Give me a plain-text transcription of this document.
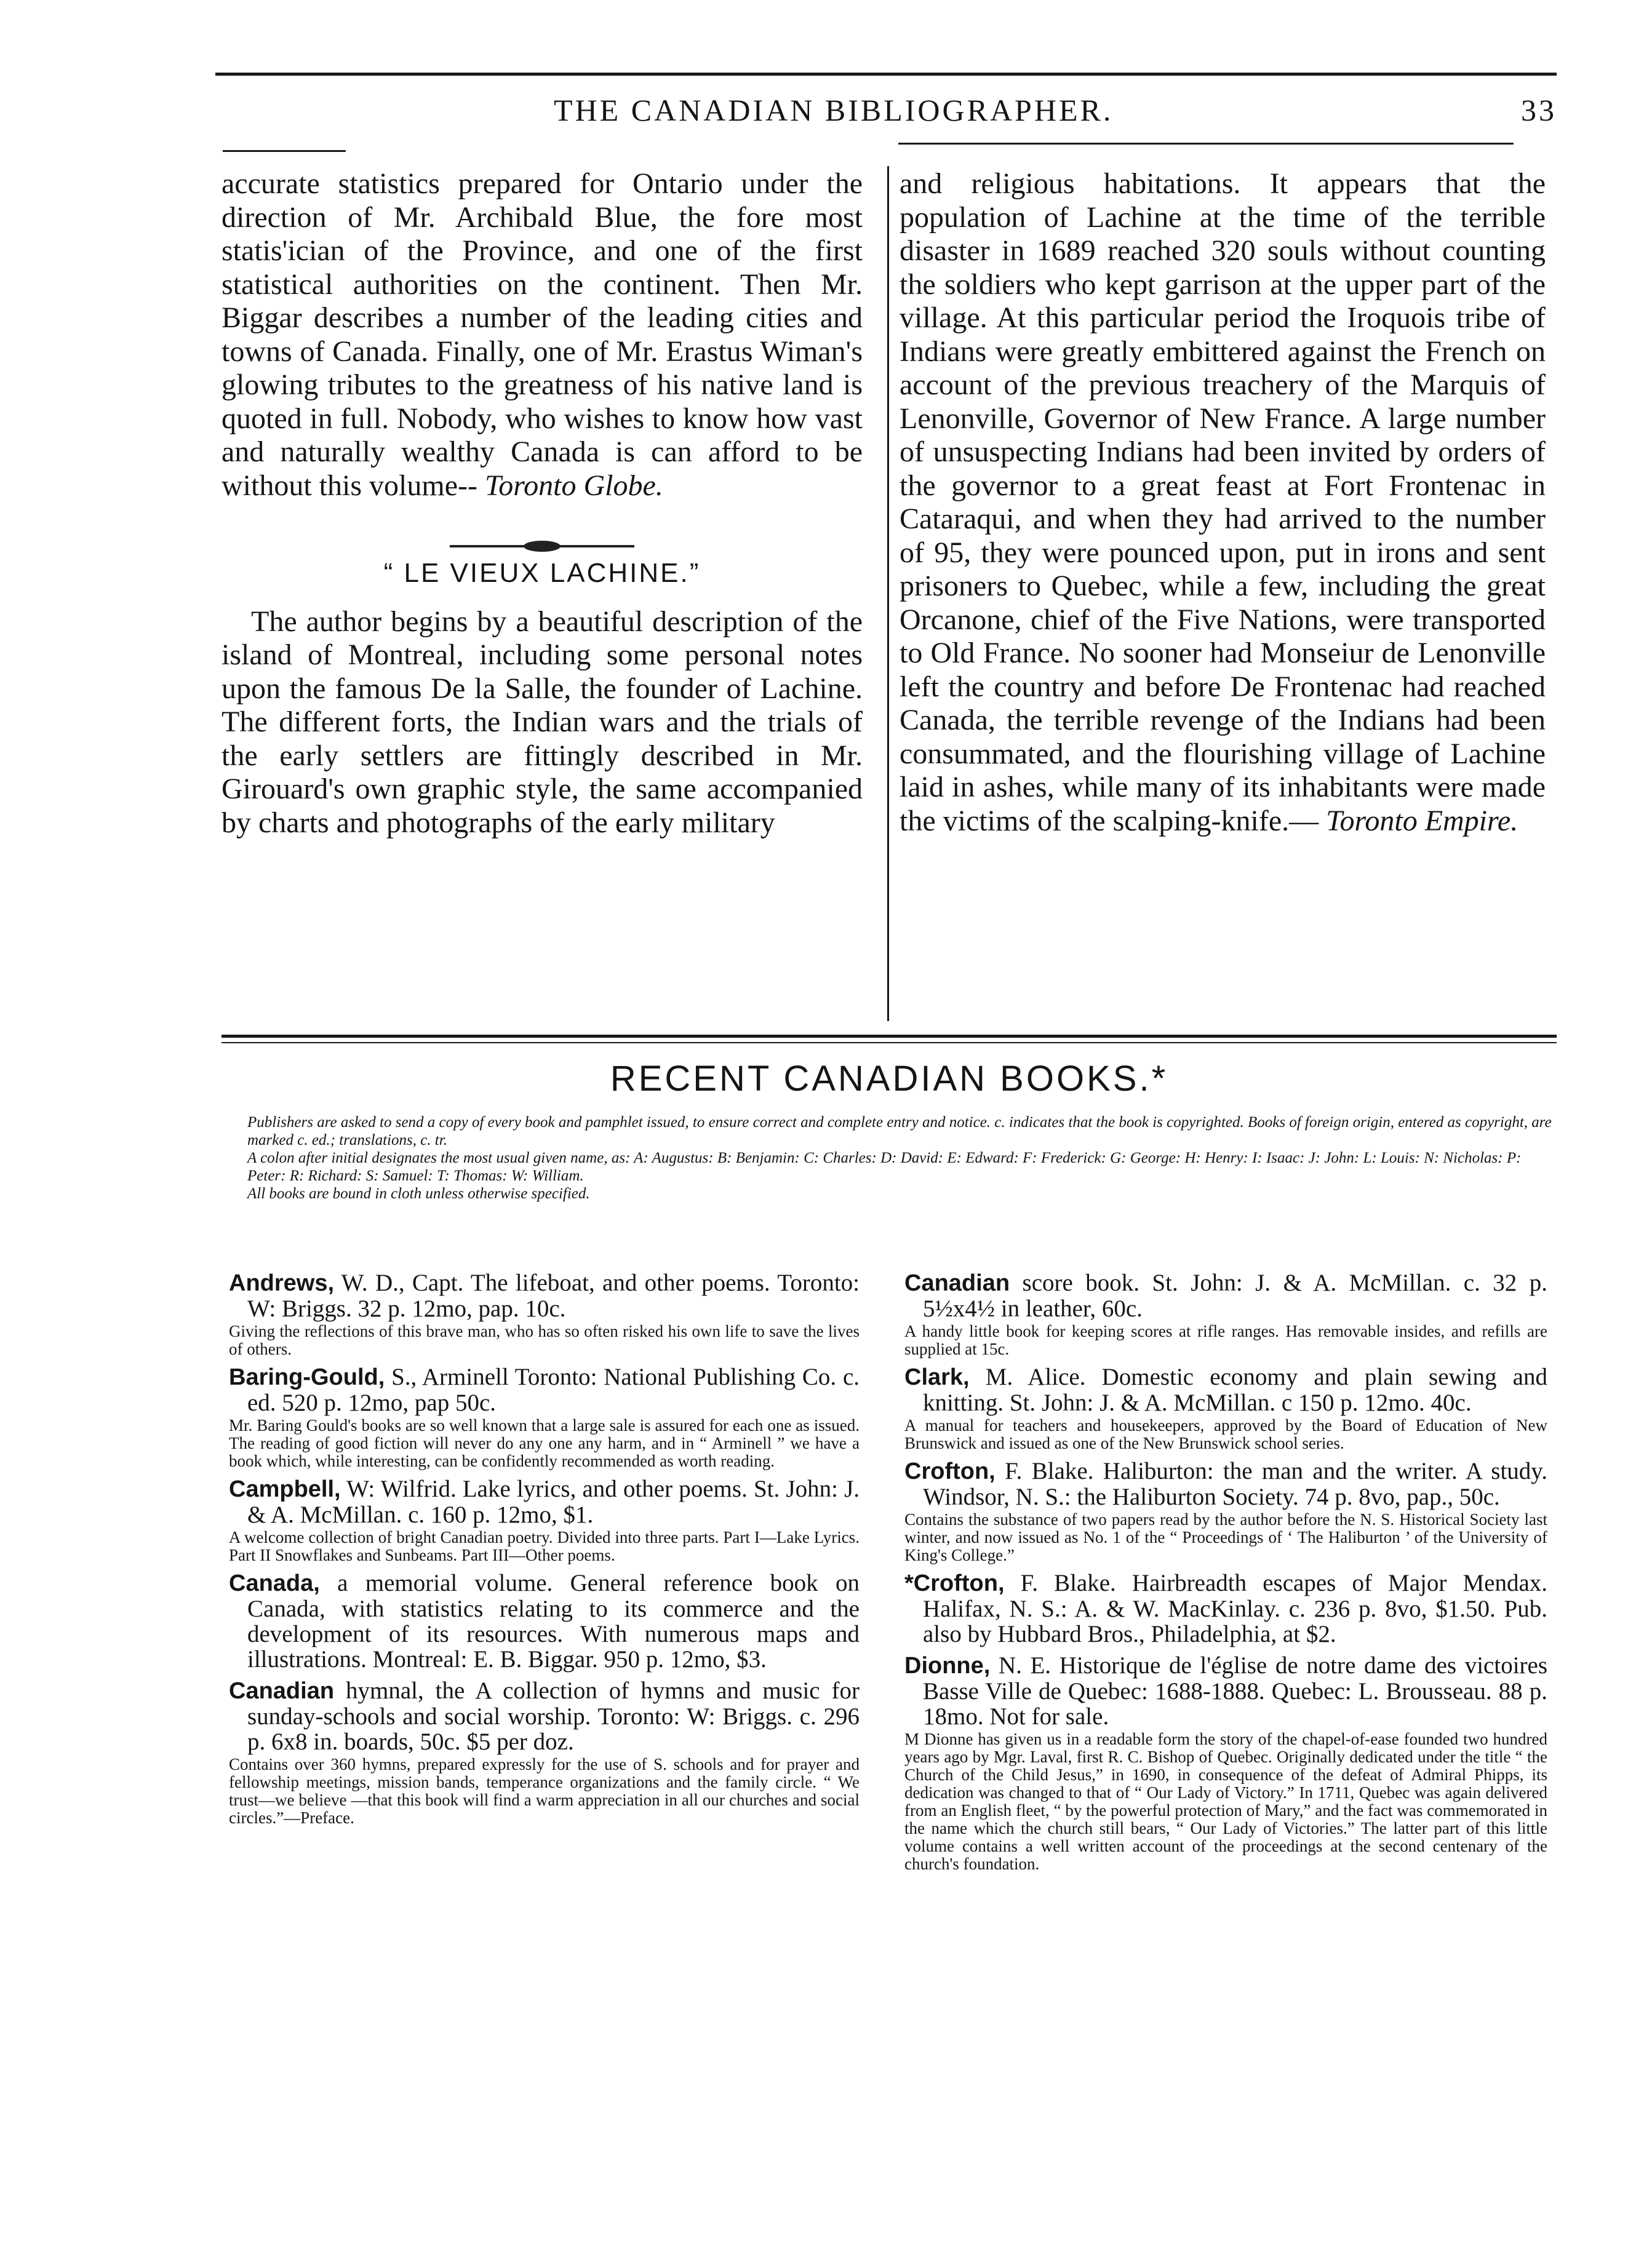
THE CANADIAN BIBLIOGRAPHER.	33

accurate statistics prepared for Ontario under the direction of Mr. Archibald Blue, the fore most statis'ician of the Province, and one of the first statistical authorities on the continent. Then Mr. Biggar describes a number of the leading cities and towns of Canada. Finally, one of Mr. Erastus Wiman's glowing tributes to the greatness of his native land is quoted in full. Nobody, who wishes to know how vast and naturally wealthy Canada is can afford to be without this volume-- Toronto Globe.

“ LE VIEUX LACHINE.”

The author begins by a beautiful description of the island of Montreal, including some personal notes upon the famous De la Salle, the founder of Lachine. The different forts, the Indian wars and the trials of the early settlers are fittingly described in Mr. Girouard's own graphic style, the same accompanied by charts and photographs of the early military

and religious habitations. It appears that the population of Lachine at the time of the terrible disaster in 1689 reached 320 souls without counting the soldiers who kept garrison at the upper part of the village. At this particular period the Iroquois tribe of Indians were greatly embittered against the French on account of the previous treachery of the Marquis of Lenonville, Governor of New France. A large number of unsuspecting Indians had been invited by orders of the governor to a great feast at Fort Frontenac in Cataraqui, and when they had arrived to the number of 95, they were pounced upon, put in irons and sent prisoners to Quebec, while a few, including the great Orcanone, chief of the Five Nations, were transported to Old France. No sooner had Monseiur de Lenonville left the country and before De Frontenac had reached Canada, the terrible revenge of the Indians had been consummated, and the flourishing village of Lachine laid in ashes, while many of its inhabitants were made the victims of the scalping-knife.— Toronto Empire.

RECENT CANADIAN BOOKS.*

Publishers are asked to send a copy of every book and pamphlet issued, to ensure correct and complete entry and notice. c. indicates that the book is copyrighted. Books of foreign origin, entered as copyright, are marked c. ed.; translations, c. tr.

A colon after initial designates the most usual given name, as: A: Augustus: B: Benjamin: C: Charles: D: David: E: Edward: F: Frederick: G: George: H: Henry: I: Isaac: J: John: L: Louis: N: Nicholas: P: Peter: R: Richard: S: Samuel: T: Thomas: W: William.

All books are bound in cloth unless otherwise specified.

Andrews, W. D., Capt. The lifeboat, and other poems. Toronto: W: Briggs. 32 p. 12mo, pap. 10c.
Giving the reflections of this brave man, who has so often risked his own life to save the lives of others.
Baring-Gould, S., Arminell Toronto: National Publishing Co. c. ed. 520 p. 12mo, pap 50c.
Mr. Baring Gould's books are so well known that a large sale is assured for each one as issued. The reading of good fiction will never do any one any harm, and in “ Arminell ” we have a book which, while interesting, can be confidently recommended as worth reading.
Campbell, W: Wilfrid. Lake lyrics, and other poems. St. John: J. & A. McMillan. c. 160 p. 12mo, $1.
A welcome collection of bright Canadian poetry. Divided into three parts. Part I—Lake Lyrics. Part II Snowflakes and Sunbeams. Part III—Other poems.
Canada, a memorial volume. General reference book on Canada, with statistics relating to its commerce and the development of its resources. With numerous maps and illustrations. Montreal: E. B. Biggar. 950 p. 12mo, $3.
Canadian hymnal, the A collection of hymns and music for sunday-schools and social worship. Toronto: W: Briggs. c. 296 p. 6x8 in. boards, 50c. $5 per doz.
Contains over 360 hymns, prepared expressly for the use of S. schools and for prayer and fellowship meetings, mission bands, temperance organizations and the family circle. “ We trust—we believe —that this book will find a warm appreciation in all our churches and social circles.”—Preface.
Canadian score book. St. John: J. & A. McMillan. c. 32 p. 5½x4½ in leather, 60c.
A handy little book for keeping scores at rifle ranges. Has removable insides, and refills are supplied at 15c.
Clark, M. Alice. Domestic economy and plain sewing and knitting. St. John: J. & A. McMillan. c 150 p. 12mo. 40c.
A manual for teachers and housekeepers, approved by the Board of Education of New Brunswick and issued as one of the New Brunswick school series.
Crofton, F. Blake. Haliburton: the man and the writer. A study. Windsor, N. S.: the Haliburton Society. 74 p. 8vo, pap., 50c.
Contains the substance of two papers read by the author before the N. S. Historical Society last winter, and now issued as No. 1 of the “ Proceedings of ‘ The Haliburton ’ of the University of King's College.”
*Crofton, F. Blake. Hairbreadth escapes of Major Mendax. Halifax, N. S.: A. & W. MacKinlay. c. 236 p. 8vo, $1.50. Pub. also by Hubbard Bros., Philadelphia, at $2.
Dionne, N. E. Historique de l'église de notre dame des victoires Basse Ville de Quebec: 1688-1888. Quebec: L. Brousseau. 88 p. 18mo. Not for sale.
M Dionne has given us in a readable form the story of the chapel-of-ease founded two hundred years ago by Mgr. Laval, first R. C. Bishop of Quebec. Originally dedicated under the title “ the Church of the Child Jesus,” in 1690, in consequence of the defeat of Admiral Phipps, its dedication was changed to that of “ Our Lady of Victory.” In 1711, Quebec was again delivered from an English fleet, “ by the powerful protection of Mary,” and the fact was commemorated in the name which the church still bears, “ Our Lady of Victories.” The latter part of this little volume contains a well written account of the proceedings at the second centenary of the church's foundation.
